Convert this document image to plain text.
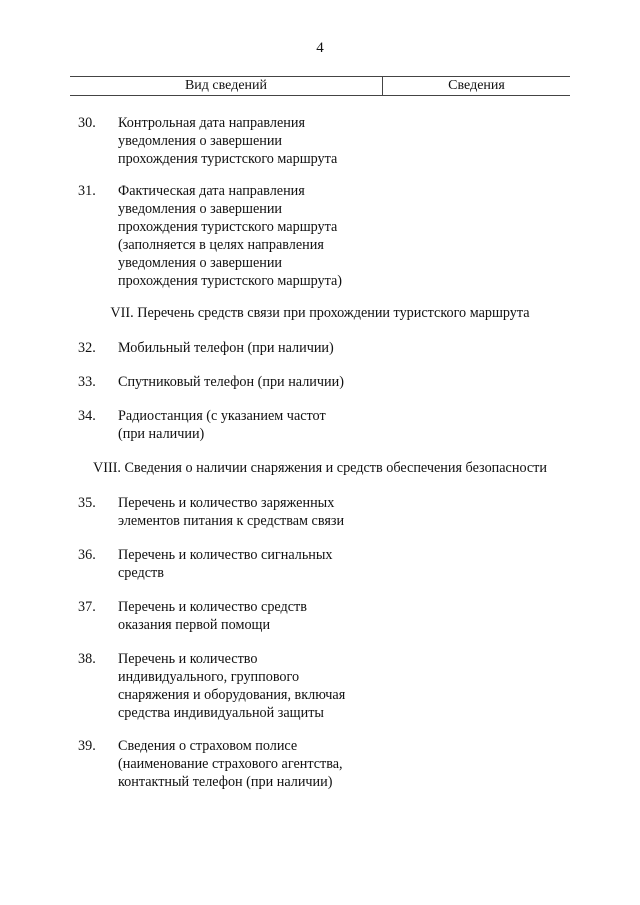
4
Вид сведений	Сведения
30. Контрольная дата направления
уведомления о завершении
прохождения туристского маршрута
31. Фактическая дата направления
уведомления о завершении
прохождения туристского маршрута
(заполняется в целях направления
уведомления о завершении
прохождения туристского маршрута)
VII. Перечень средств связи при прохождении туристского маршрута
32. Мобильный телефон (при наличии)
33. Спутниковый телефон (при наличии)
34. Радиостанция (с указанием частот
(при наличии)
VIII. Сведения о наличии снаряжения и средств обеспечения безопасности
35. Перечень и количество заряженных
элементов питания к средствам связи
36. Перечень и количество сигнальных
средств
37. Перечень и количество средств
оказания первой помощи
38. Перечень и количество
индивидуального, группового
снаряжения и оборудования, включая
средства индивидуальной защиты
39. Сведения о страховом полисе
(наименование страхового агентства,
контактный телефон (при наличии)
